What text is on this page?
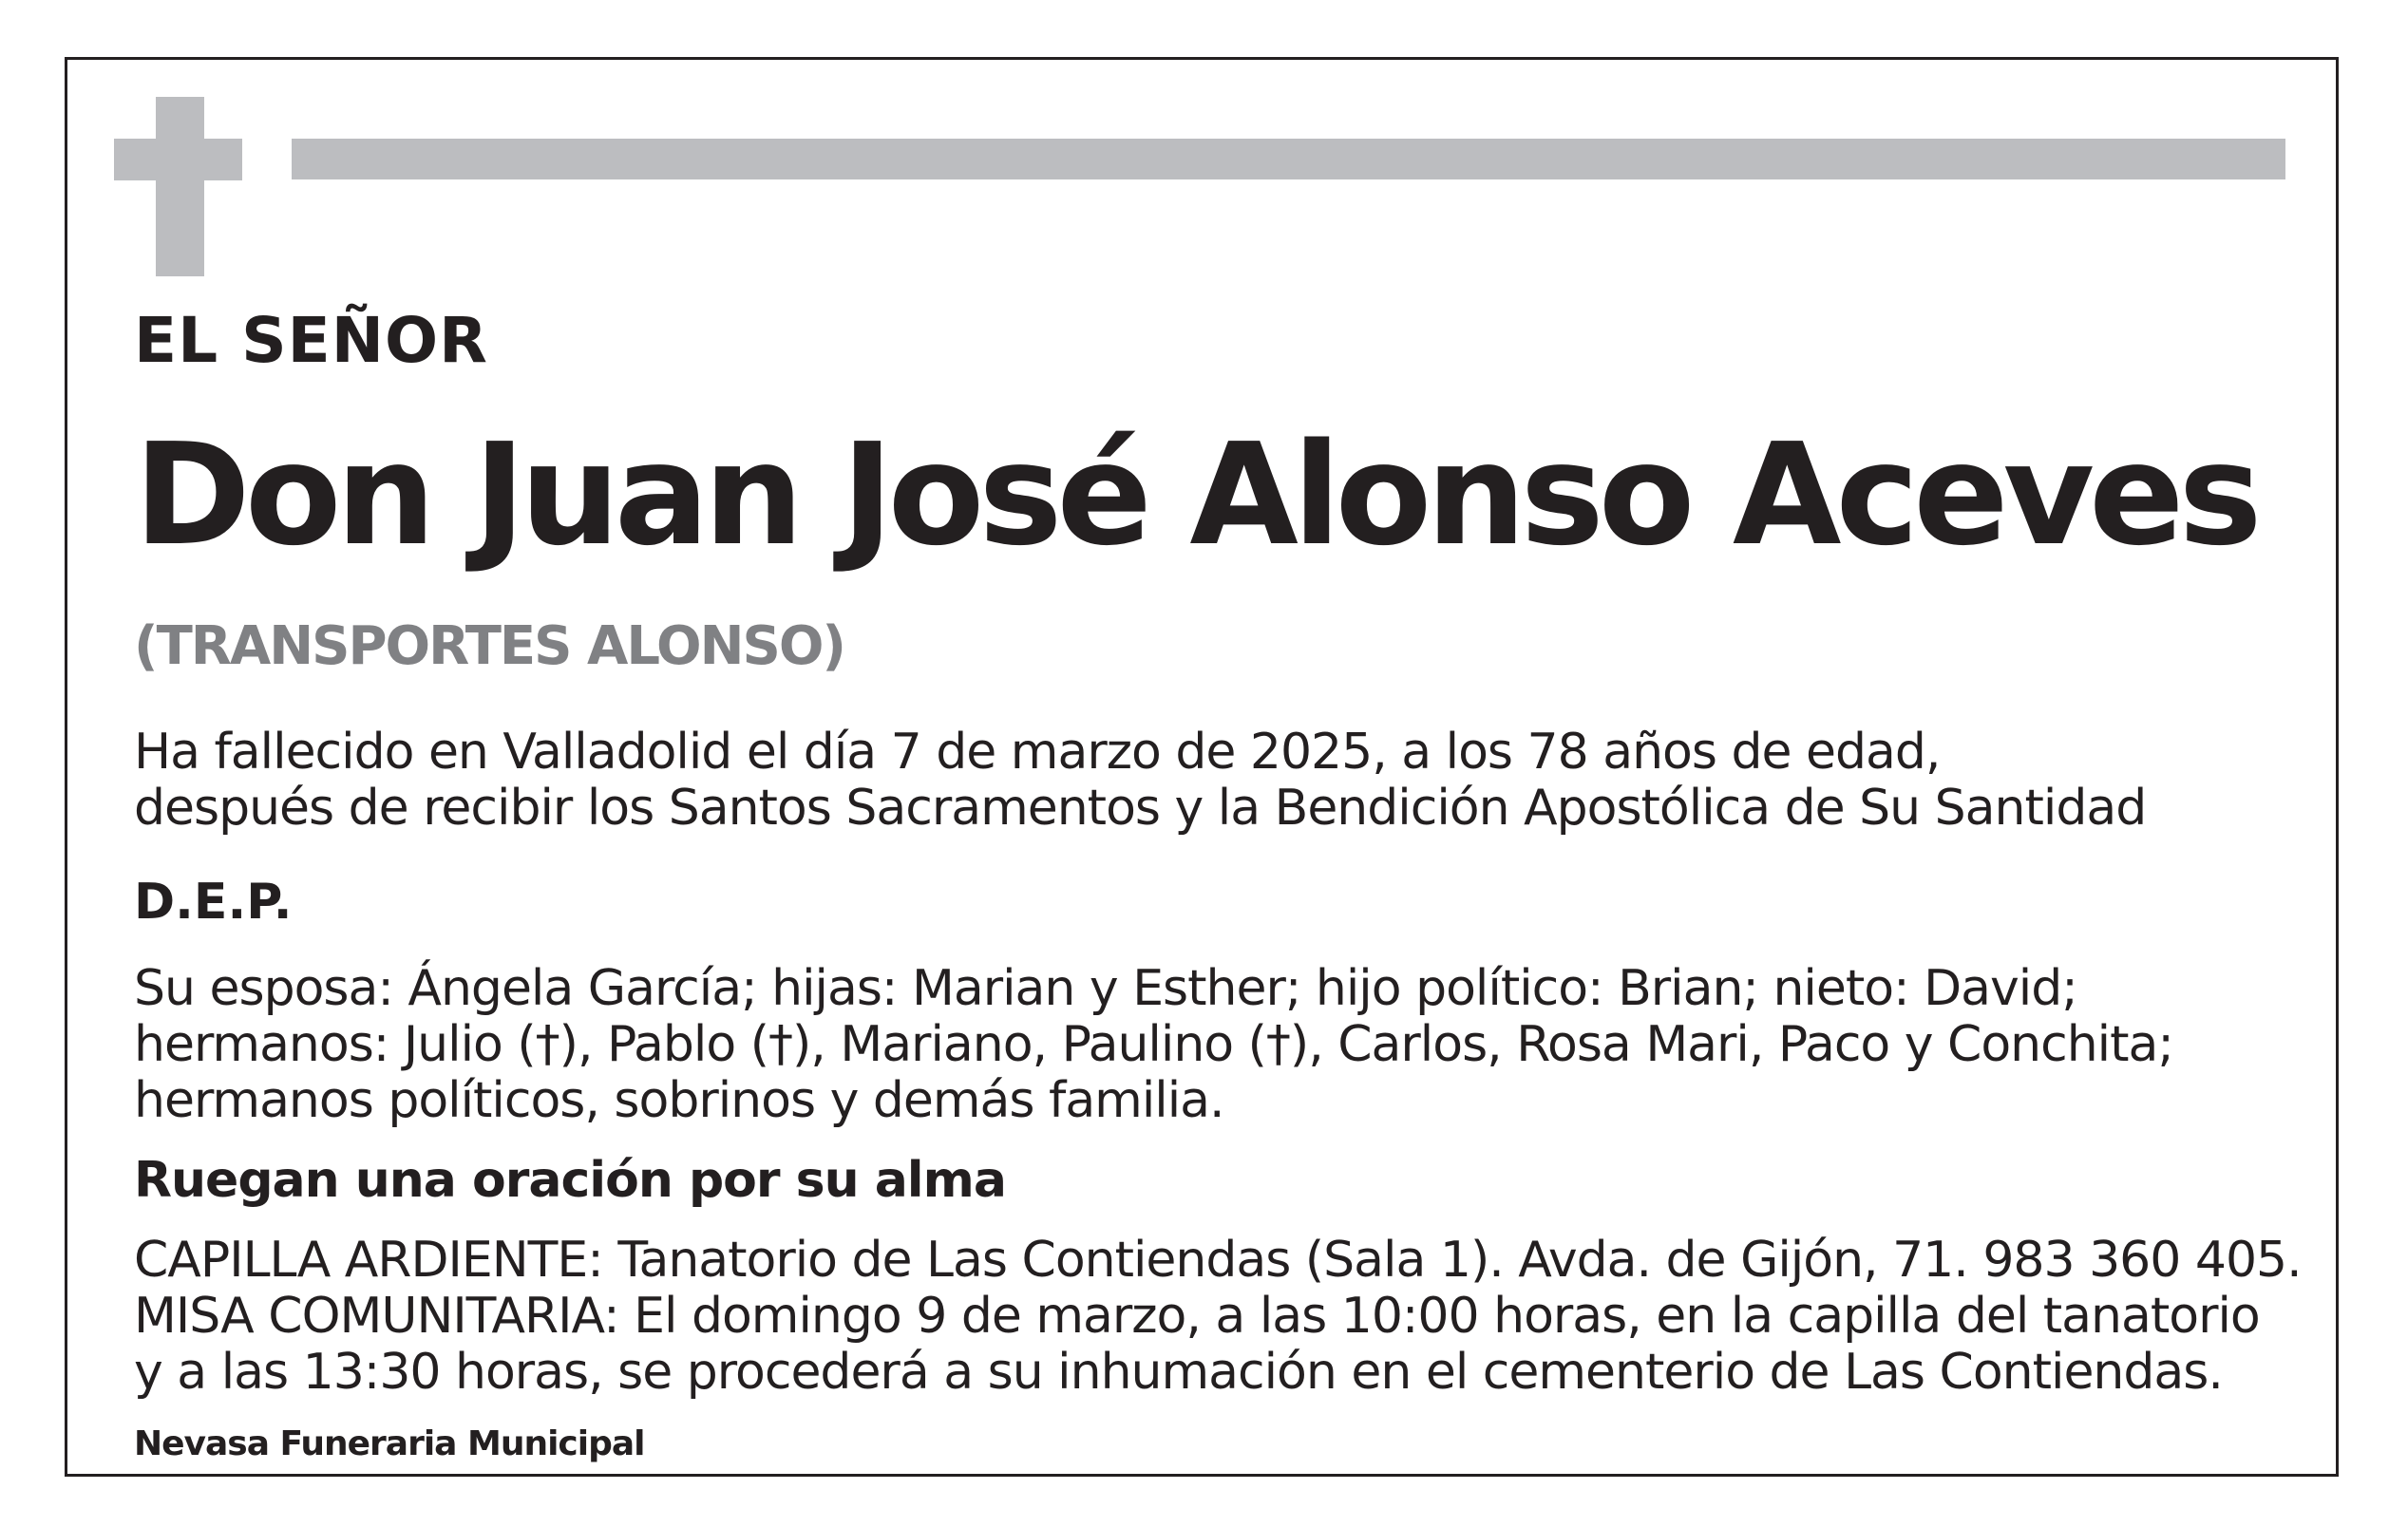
EL SEÑOR

Don Juan José Alonso Aceves

(TRANSPORTES ALONSO)

Ha fallecido en Valladolid el día 7 de marzo de 2025, a los 78 años de edad,
después de recibir los Santos Sacramentos y la Bendición Apostólica de Su Santidad

D.E.P.

Su esposa: Ángela García; hijas: Marian y Esther; hijo político: Brian; nieto: David;
hermanos: Julio (†), Pablo (†), Mariano, Paulino (†), Carlos, Rosa Mari, Paco y Conchita;
hermanos políticos, sobrinos y demás familia.

Ruegan una oración por su alma

CAPILLA ARDIENTE: Tanatorio de Las Contiendas (Sala 1). Avda. de Gijón, 71. 983 360 405.
MISA COMUNITARIA: El domingo 9 de marzo, a las 10:00 horas, en la capilla del tanatorio
y a las 13:30 horas, se procederá a su inhumación en el cementerio de Las Contiendas.

Nevasa Funeraria Municipal
